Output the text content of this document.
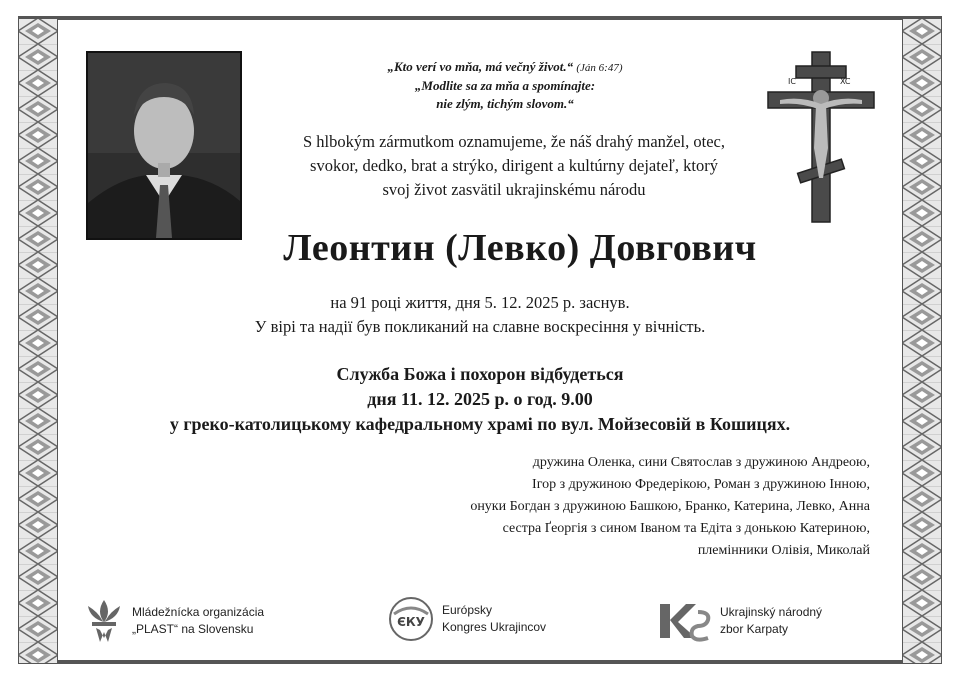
„Kto verí vo mňa, má večný život.“ (Ján 6:47)
„Modlite sa za mňa a spomínajte:
nie zlým, tichým slovom.“
S hlbokým zármutkom oznamujeme, že náš drahý manžel, otec,
svokor, dedko, brat a strýko, dirigent a kultúrny dejateľ, ktorý
svoj život zasvätil ukrajinskému národu
IC	XC
Леонтин (Левко) Довгович
на 91 році життя, дня 5. 12. 2025 р. заснув.
У вірі та надії був покликаний на славне воскресіння у вічність.
Служба Божа і похорон відбудеться
дня 11. 12. 2025 р. о год. 9.00
у греко-католицькому кафедральному храмі по вул. Мойзесовій в Кошицях.
дружина Оленка, сини Святослав з дружиною Андреою,
Ігор з дружиною Фредерікою, Роман з дружиною Інною,
онуки Богдан з дружиною Башкою, Бранко, Катерина, Левко, Анна
сестра Ґеоргія з сином Іваном та Едіта з донькою Катериною,
племінники Олівія, Миколай
Mládežnícka organizácia
„PLAST“ na Slovensku	ЄКУ
Európsky
Kongres Ukrajincov
Ukrajinský národný
zbor Karpaty
